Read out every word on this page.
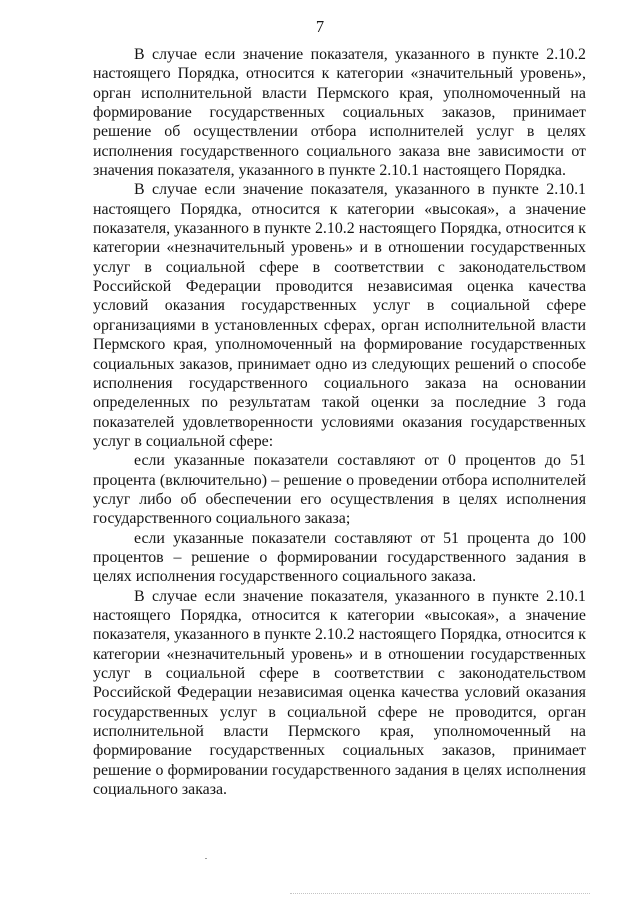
7

В случае если значение показателя, указанного в пункте 2.10.2 настоящего Порядка, относится к категории «значительный уровень», орган исполнительной власти Пермского края, уполномоченный на формирование государственных социальных заказов, принимает решение об осуществлении отбора исполнителей услуг в целях исполнения государственного социального заказа вне зависимости от значения показателя, указанного в пункте 2.10.1 настоящего Порядка.

В случае если значение показателя, указанного в пункте 2.10.1 настоящего Порядка, относится к категории «высокая», а значение показателя, указанного в пункте 2.10.2 настоящего Порядка, относится к категории «незначительный уровень» и в отношении государственных услуг в социальной сфере в соответствии с законодательством Российской Федерации проводится независимая оценка качества условий оказания государственных услуг в социальной сфере организациями в установленных сферах, орган исполнительной власти Пермского края, уполномоченный на формирование государственных социальных заказов, принимает одно из следующих решений о способе исполнения государственного социального заказа на основании определенных по результатам такой оценки за последние 3 года показателей удовлетворенности условиями оказания государственных услуг в социальной сфере:

если указанные показатели составляют от 0 процентов до 51 процента (включительно) – решение о проведении отбора исполнителей услуг либо об обеспечении его осуществления в целях исполнения государственного социального заказа;

если указанные показатели составляют от 51 процента до 100 процентов – решение о формировании государственного задания в целях исполнения государственного социального заказа.

В случае если значение показателя, указанного в пункте 2.10.1 настоящего Порядка, относится к категории «высокая», а значение показателя, указанного в пункте 2.10.2 настоящего Порядка, относится к категории «незначительный уровень» и в отношении государственных услуг в социальной сфере в соответствии с законодательством Российской Федерации независимая оценка качества условий оказания государственных услуг в социальной сфере не проводится, орган исполнительной власти Пермского края, уполномоченный на формирование государственных социальных заказов, принимает решение о формировании государственного задания в целях исполнения социального заказа.
